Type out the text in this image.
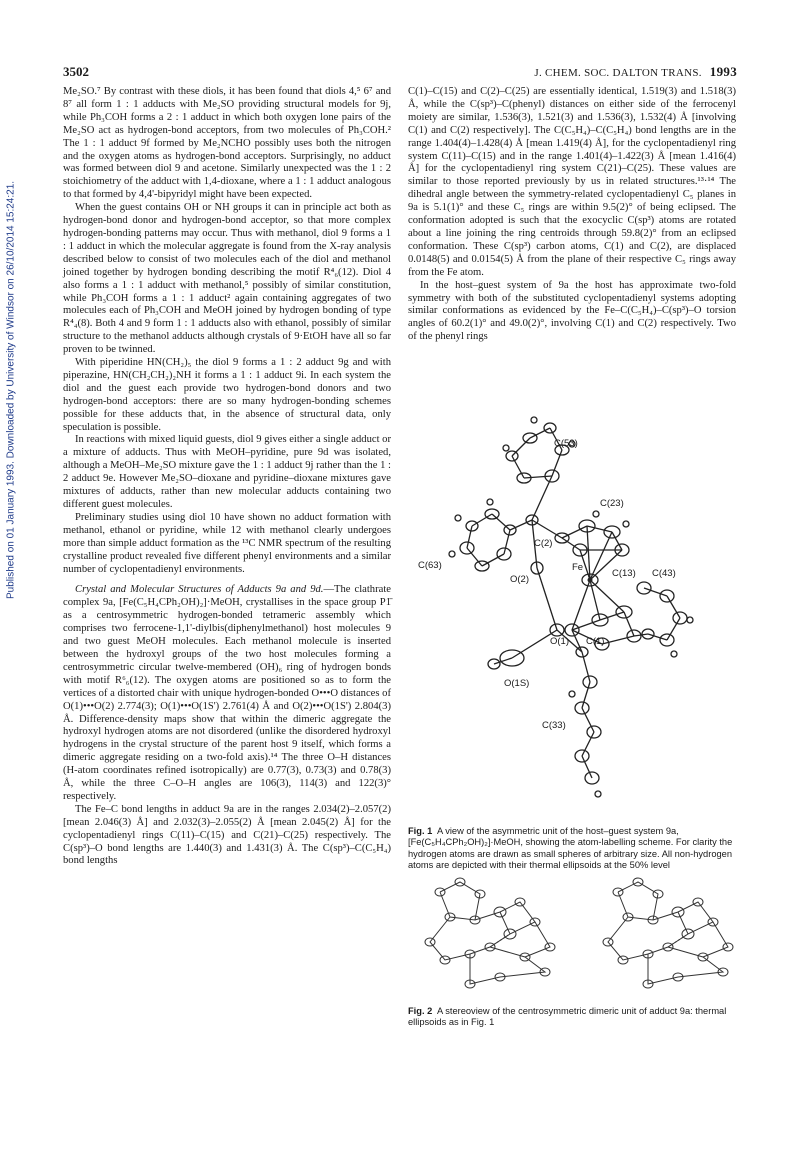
Published on 01 January 1993. Downloaded by University of Windsor on 26/10/2014 15:24:21.
3502	J. CHEM. SOC. DALTON TRANS. 1993

Me₂SO.⁷ By contrast with these diols, it has been found that diols 4,⁵ 6⁷ and 8⁷ all form 1 : 1 adducts with Me₂SO providing structural models for 9j, while Ph₃COH forms a 2 : 1 adduct in which both oxygen lone pairs of the Me₂SO act as hydrogen-bond acceptors, from two molecules of Ph₃COH.² The 1 : 1 adduct 9f formed by Me₂NCHO possibly uses both the nitrogen and the oxygen atoms as hydrogen-bond acceptors. Surprisingly, no adduct was formed between diol 9 and acetone. Similarly unexpected was the 1 : 2 stoichiometry of the adduct with 1,4-dioxane, where a 1 : 1 adduct analogous to that formed by 4,4'-bipyridyl might have been expected.

When the guest contains OH or NH groups it can in principle act both as hydrogen-bond donor and hydrogen-bond acceptor, so that more complex hydrogen-bonding patterns may occur. Thus with methanol, diol 9 forms a 1 : 1 adduct in which the molecular aggregate is found from the X-ray analysis described below to consist of two molecules each of the diol and methanol joined together by hydrogen bonding describing the motif R⁴₆(12). Diol 4 also forms a 1 : 1 adduct with methanol,⁵ possibly of similar constitution, while Ph₃COH forms a 1 : 1 adduct² again containing aggregates of two molecules each of Ph₃COH and MeOH joined by hydrogen bonding of type R⁴₄(8). Both 4 and 9 form 1 : 1 adducts also with ethanol, possibly of similar structure to the methanol adducts although crystals of 9·EtOH have all so far proven to be twinned.

With piperidine HN(CH₂)₅ the diol 9 forms a 1 : 2 adduct 9g and with piperazine, HN(CH₂CH₂)₂NH it forms a 1 : 1 adduct 9i. In each system the diol and the guest each provide two hydrogen-bond donors and two hydrogen-bond acceptors: there are so many hydrogen-bonding schemes possible for these adducts that, in the absence of structural data, only speculation is possible.

In reactions with mixed liquid guests, diol 9 gives either a single adduct or a mixture of adducts. Thus with MeOH–pyridine, pure 9d was isolated, although a MeOH–Me₂SO mixture gave the 1 : 1 adduct 9j rather than the 1 : 2 adduct 9e. However Me₂SO–dioxane and pyridine–dioxane mixtures gave mixtures of adducts, rather than new molecular adducts containing two different guest molecules.

Preliminary studies using diol 10 have shown no adduct formation with methanol, ethanol or pyridine, while 12 with methanol clearly undergoes more than simple adduct formation as the ¹³C NMR spectrum of the resulting crystalline product revealed five different phenyl environments and a similar number of cyclopentadienyl environments.

Crystal and Molecular Structures of Adducts 9a and 9d.—The clathrate complex 9a, [Fe(C₅H₄CPh₂OH)₂]·MeOH, crystallises in the space group P1̄ as a centrosymmetric hydrogen-bonded tetrameric assembly which comprises two ferrocene-1,1'-diylbis(diphenylmethanol) host molecules 9 and two guest MeOH molecules. Each methanol molecule is inserted between the hydroxyl groups of the two host molecules forming a centrosymmetric circular twelve-membered (OH)₆ ring of hydrogen bonds with motif R⁶₆(12). The oxygen atoms are positioned so as to form the vertices of a distorted chair with unique hydrogen-bonded O•••O distances of O(1)•••O(2) 2.774(3); O(1)•••O(1S') 2.761(4) Å and O(2)•••O(1S') 2.804(3) Å. Difference-density maps show that within the dimeric aggregate the hydroxyl hydrogen atoms are not disordered (unlike the disordered hydroxyl hydrogens in the crystal structure of the parent host 9 itself, which forms a dimeric aggregate residing on a two-fold axis).¹⁴ The three O–H distances (H-atom coordinates refined isotropically) are 0.77(3), 0.73(3) and 0.78(3) Å, while the three C–O–H angles are 106(3), 114(3) and 122(3)° respectively.

The Fe–C bond lengths in adduct 9a are in the ranges 2.034(2)–2.057(2) [mean 2.046(3) Å] and 2.032(3)–2.055(2) Å [mean 2.045(2) Å] for the cyclopentadienyl rings C(11)–C(15) and C(21)–C(25) respectively. The C(sp³)–O bond lengths are 1.440(3) and 1.431(3) Å. The C(sp³)–C(C₅H₄) bond lengths

C(1)–C(15) and C(2)–C(25) are essentially identical, 1.519(3) and 1.518(3) Å, while the C(sp³)–C(phenyl) distances on either side of the ferrocenyl moiety are similar, 1.536(3), 1.521(3) and 1.536(3), 1.532(4) Å [involving C(1) and C(2) respectively]. The C(C₅H₄)–C(C₅H₄) bond lengths are in the range 1.404(4)–1.428(4) Å [mean 1.419(4) Å], for the cyclopentadienyl ring system C(11)–C(15) and in the range 1.401(4)–1.422(3) Å [mean 1.416(4) Å] for the cyclopentadienyl ring system C(21)–C(25). These values are similar to those reported previously by us in related structures.¹³·¹⁴ The dihedral angle between the symmetry-related cyclopentadienyl C₅ planes in 9a is 5.1(1)° and these C₅ rings are within 9.5(2)° of being eclipsed. The conformation adopted is such that the exocyclic C(sp³) atoms are rotated about a line joining the ring centroids through 59.8(2)° from an eclipsed conformation. These C(sp³) carbon atoms, C(1) and C(2), are displaced 0.0148(5) and 0.0154(5) Å from the plane of their respective C₅ rings away from the Fe atom.

In the host–guest system of 9a the host has approximate two-fold symmetry with both of the substituted cyclopentadienyl systems adopting similar conformations as evidenced by the Fe–C(C₅H₄)–C(sp³)–O torsion angles of 60.2(1)° and 49.0(2)°, involving C(1) and C(2) respectively. Two of the phenyl rings

C(53)
C(23)
C(2)
C(63)	Fe
C(13) C(43)
O(2)
O(1) C(1)
O(1S)
C(33)
Fig. 1 A view of the asymmetric unit of the host–guest system 9a, [Fe(C₅H₄CPh₂OH)₂]·MeOH, showing the atom-labelling scheme. For clarity the hydrogen atoms are drawn as small spheres of arbitrary size. All non-hydrogen atoms are depicted with their thermal ellipsoids at the 50% level
Fig. 2 A stereoview of the centrosymmetric dimeric unit of adduct 9a: thermal ellipsoids as in Fig. 1
